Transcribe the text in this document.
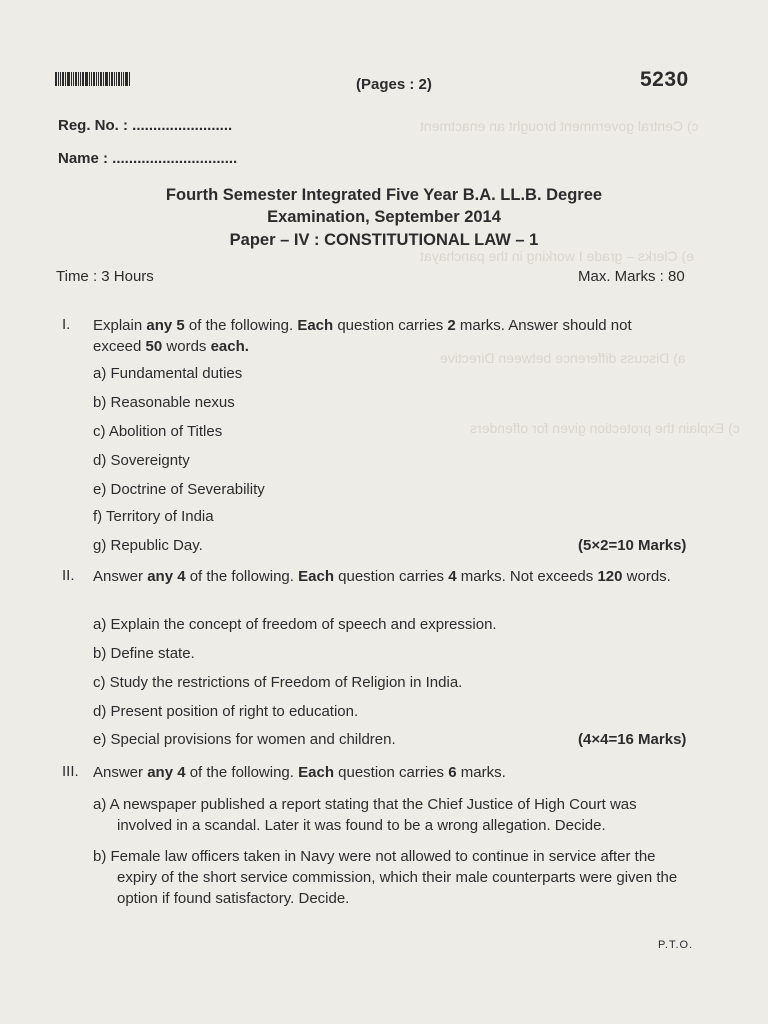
c) Central government brought an enactment
e) Clerks – grade I working in the panchayat
a) Discuss difference between Directive
c) Explain the protection given for offenders
(Pages : 2)	5230
Reg. No. : ........................
Name : ..............................
Fourth Semester Integrated Five Year B.A. LL.B. Degree
Examination, September 2014
Paper – IV : CONSTITUTIONAL LAW – 1
Time : 3 Hours	Max. Marks : 80
I. Explain any 5 of the following. Each question carries 2 marks. Answer should not exceed 50 words each.
a) Fundamental duties
b) Reasonable nexus
c) Abolition of Titles
d) Sovereignty
e) Doctrine of Severability
f) Territory of India
g) Republic Day.	(5×2=10 Marks)
II. Answer any 4 of the following. Each question carries 4 marks. Not exceeds 120 words.
a) Explain the concept of freedom of speech and expression.
b) Define state.
c) Study the restrictions of Freedom of Religion in India.
d) Present position of right to education.
e) Special provisions for women and children.	(4×4=16 Marks)
III. Answer any 4 of the following. Each question carries 6 marks.
a) A newspaper published a report stating that the Chief Justice of High Court was involved in a scandal. Later it was found to be a wrong allegation. Decide.
b) Female law officers taken in Navy were not allowed to continue in service after the expiry of the short service commission, which their male counterparts were given the option if found satisfactory. Decide.
P.T.O.
